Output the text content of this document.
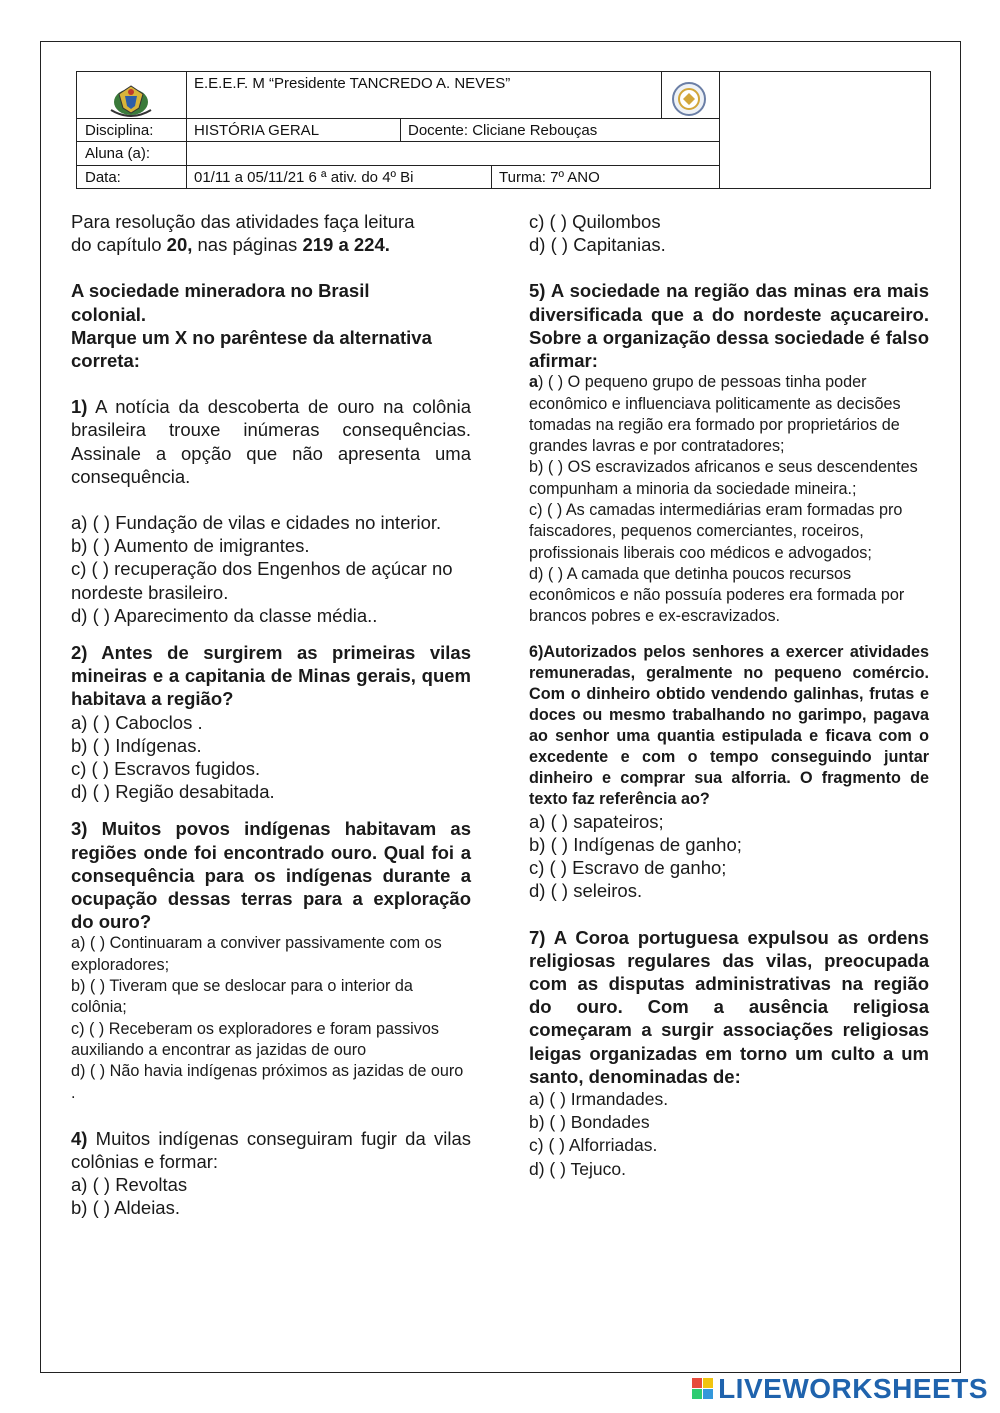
E.E.E.F. M “Presidente TANCREDO A. NEVES”
Disciplina:	HISTÓRIA GERAL	Docente: Cliciane Rebouças
Aluna (a):
Data:	01/11 a 05/11/21 6 ª ativ. do 4º Bi	Turma: 7º ANO

Para resolução das atividades faça leitura

do capítulo 20, nas páginas 219 a 224.

A sociedade mineradora no Brasil
colonial.

Marque um X no parêntese da alternativa
correta:

1) A notícia da descoberta de ouro na colônia brasileira trouxe inúmeras consequências. Assinale a opção que não apresenta uma consequência.

a) ( ) Fundação de vilas e cidades no interior.

b) ( ) Aumento de imigrantes.

c) ( ) recuperação dos Engenhos de açúcar no nordeste brasileiro.

d) ( ) Aparecimento da classe média..

2) Antes de surgirem as primeiras vilas mineiras e a capitania de Minas gerais, quem habitava a região?

a) ( ) Caboclos .

b) ( ) Indígenas.

c) ( ) Escravos fugidos.

d) ( ) Região desabitada.

3) Muitos povos indígenas habitavam as regiões onde foi encontrado ouro. Qual foi a consequência para os indígenas durante a ocupação dessas terras para a exploração do ouro?

a) ( ) Continuaram a conviver passivamente com os exploradores;

b) ( ) Tiveram que se deslocar para o interior da colônia;

c) ( ) Receberam os exploradores e foram passivos auxiliando a encontrar as jazidas de ouro

d) ( ) Não havia indígenas próximos as jazidas de ouro .

4) Muitos indígenas conseguiram fugir da vilas colônias e formar:

a) ( ) Revoltas

b) ( ) Aldeias.

c) ( ) Quilombos

d) ( ) Capitanias.

5) A sociedade na região das minas era mais diversificada que a do nordeste açucareiro. Sobre a organização dessa sociedade é falso afirmar:

a) ( ) O pequeno grupo de pessoas tinha poder econômico e influenciava politicamente as decisões tomadas na região era formado por proprietários de grandes lavras e por contratadores;

b) ( ) OS escravizados africanos e seus descendentes compunham a minoria da sociedade mineira.;

c) ( ) As camadas intermediárias eram formadas pro faiscadores, pequenos comerciantes, roceiros, profissionais liberais coo médicos e advogados;

d) ( ) A camada que detinha poucos recursos econômicos e não possuía poderes era formada por brancos pobres e ex-escravizados.

6)Autorizados pelos senhores a exercer atividades remuneradas, geralmente no pequeno comércio. Com o dinheiro obtido vendendo galinhas, frutas e doces ou mesmo trabalhando no garimpo, pagava ao senhor uma quantia estipulada e ficava com o excedente e com o tempo conseguindo juntar dinheiro e comprar sua alforria. O fragmento de texto faz referência ao?

a) ( ) sapateiros;

b) ( ) Indígenas de ganho;

c) ( ) Escravo de ganho;

d) ( ) seleiros.

7) A Coroa portuguesa expulsou as ordens religiosas regulares das vilas, preocupada com as disputas administrativas na região do ouro. Com a ausência religiosa começaram a surgir associações religiosas leigas organizadas em torno um culto a um santo, denominadas de:

a) ( ) Irmandades.

b) ( ) Bondades

c) ( ) Alforriadas.

d) ( ) Tejuco.

LIVEWORKSHEETS
